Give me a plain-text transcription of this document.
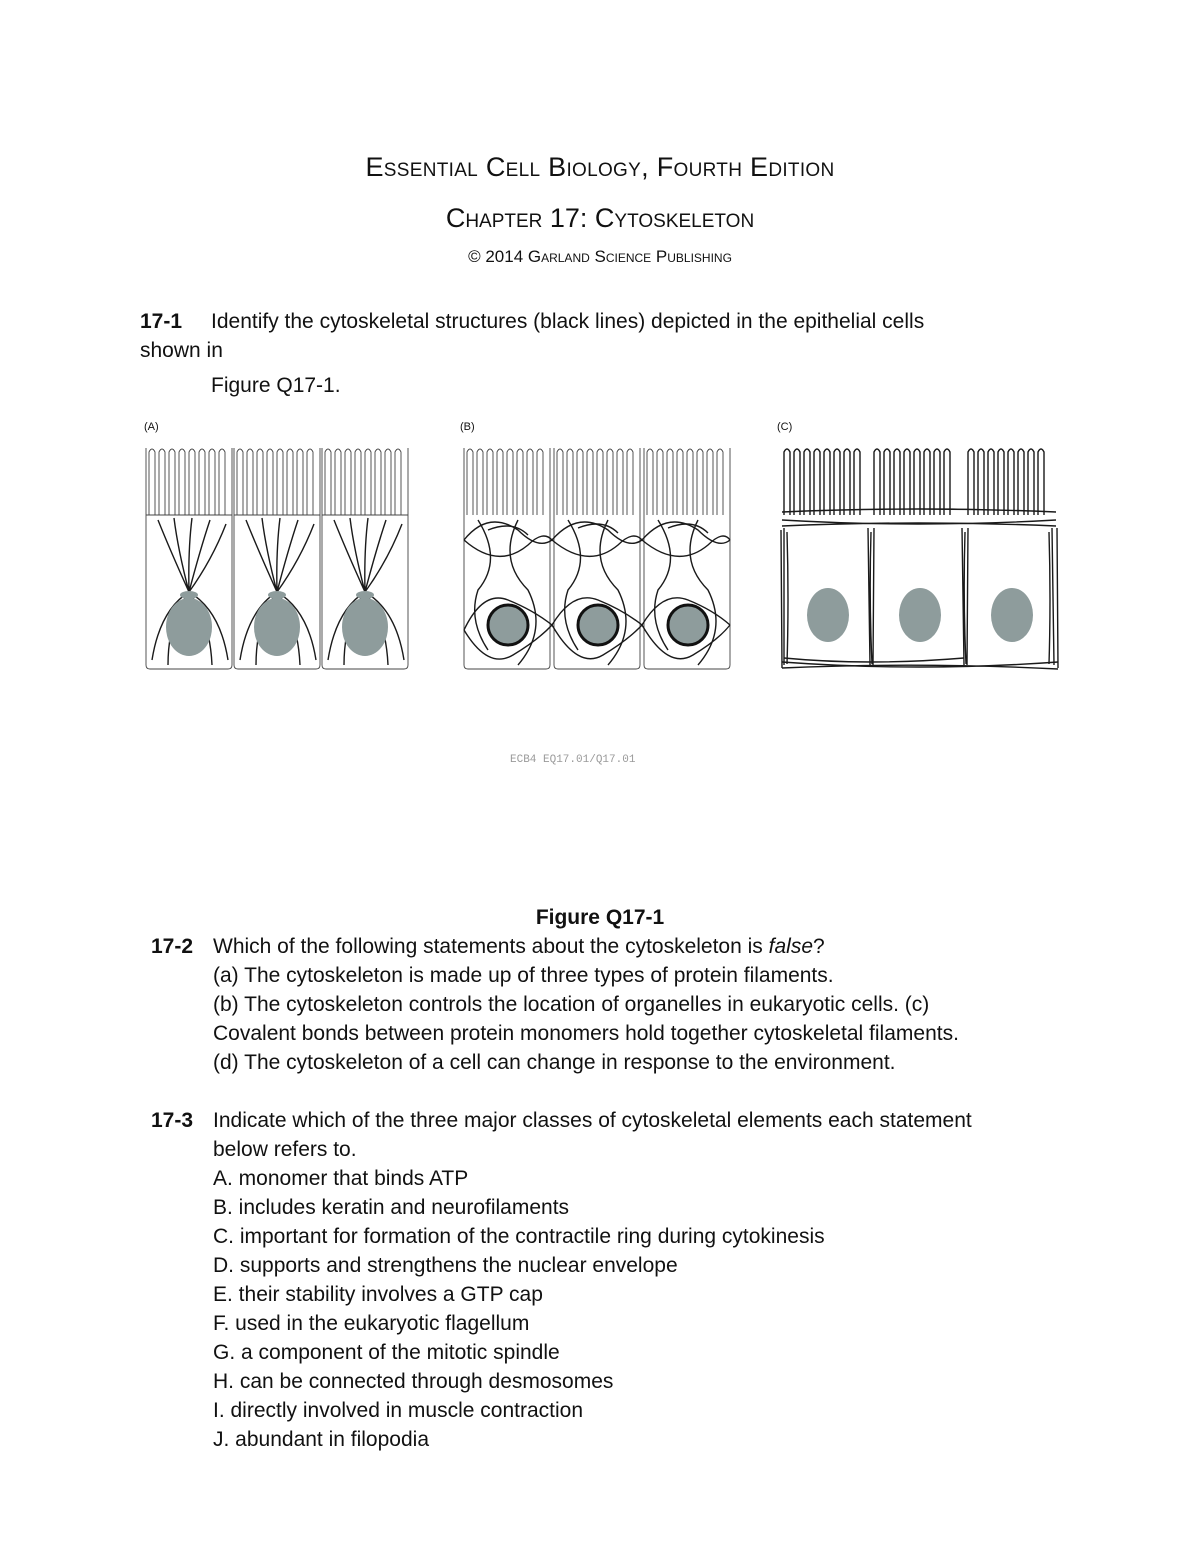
Essential Cell Biology, Fourth Edition
Chapter 17: Cytoskeleton
© 2014 Garland Science Publishing
17-1 Identify the cytoskeletal structures (black lines) depicted in the epithelial cells
shown in
Figure Q17-1.
(A)	(B)	(C)
ECB4 EQ17.01/Q17.01
Figure Q17-1
17-2 Which of the following statements about the cytoskeleton is false?
(a) The cytoskeleton is made up of three types of protein filaments.
(b) The cytoskeleton controls the location of organelles in eukaryotic cells. (c)
Covalent bonds between protein monomers hold together cytoskeletal filaments.
(d) The cytoskeleton of a cell can change in response to the environment.
17-3 Indicate which of the three major classes of cytoskeletal elements each statement
below refers to.
A. monomer that binds ATP
B. includes keratin and neurofilaments
C. important for formation of the contractile ring during cytokinesis
D. supports and strengthens the nuclear envelope
E. their stability involves a GTP cap
F. used in the eukaryotic flagellum
G. a component of the mitotic spindle
H. can be connected through desmosomes
I. directly involved in muscle contraction
J. abundant in filopodia
